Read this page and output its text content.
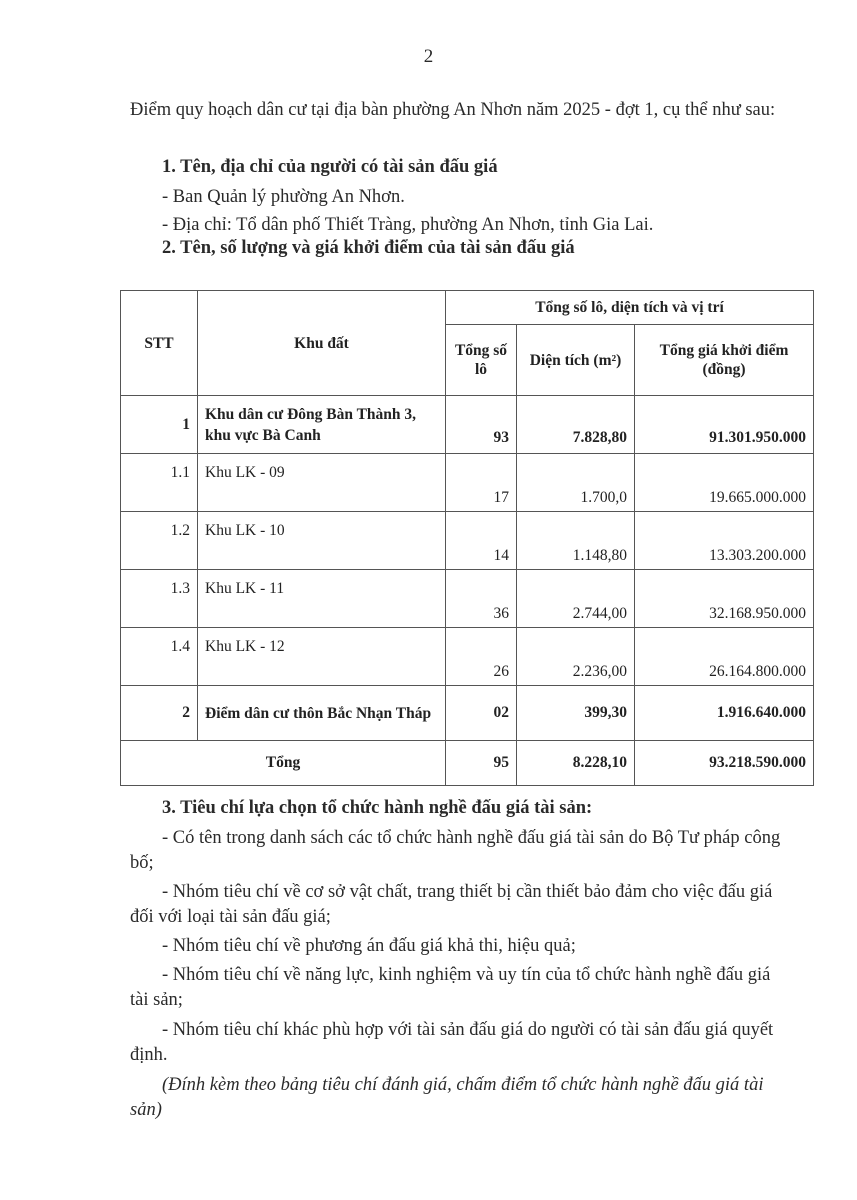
2
Điểm quy hoạch dân cư tại địa bàn phường An Nhơn năm 2025 - đợt 1, cụ thể như sau:
1. Tên, địa chỉ của người có tài sản đấu giá
- Ban Quản lý phường An Nhơn.
- Địa chỉ: Tổ dân phố Thiết Tràng, phường An Nhơn, tỉnh Gia Lai.
2. Tên, số lượng và giá khởi điểm của tài sản đấu giá
STT	Khu đất	Tổng số lô, diện tích và vị trí		
		Tổng số lô	Diện tích (m²)	Tổng giá khởi điểm (đồng)
1	Khu dân cư Đông Bàn Thành 3, khu vực Bà Canh	93	7.828,80	91.301.950.000
1.1	Khu LK - 09	17	1.700,0	19.665.000.000
1.2	Khu LK - 10	14	1.148,80	13.303.200.000
1.3	Khu LK - 11	36	2.744,00	32.168.950.000
1.4	Khu LK - 12	26	2.236,00	26.164.800.000
2	Điểm dân cư thôn Bắc Nhạn Tháp	02	399,30	1.916.640.000
Tổng		95	8.228,10	93.218.590.000
3. Tiêu chí lựa chọn tổ chức hành nghề đấu giá tài sản:
- Có tên trong danh sách các tổ chức hành nghề đấu giá tài sản do Bộ Tư pháp công bố;
- Nhóm tiêu chí về cơ sở vật chất, trang thiết bị cần thiết bảo đảm cho việc đấu giá đối với loại tài sản đấu giá;
- Nhóm tiêu chí về phương án đấu giá khả thi, hiệu quả;
- Nhóm tiêu chí về năng lực, kinh nghiệm và uy tín của tổ chức hành nghề đấu giá tài sản;
- Nhóm tiêu chí khác phù hợp với tài sản đấu giá do người có tài sản đấu giá quyết định.
(Đính kèm theo bảng tiêu chí đánh giá, chấm điểm tổ chức hành nghề đấu giá tài sản)
